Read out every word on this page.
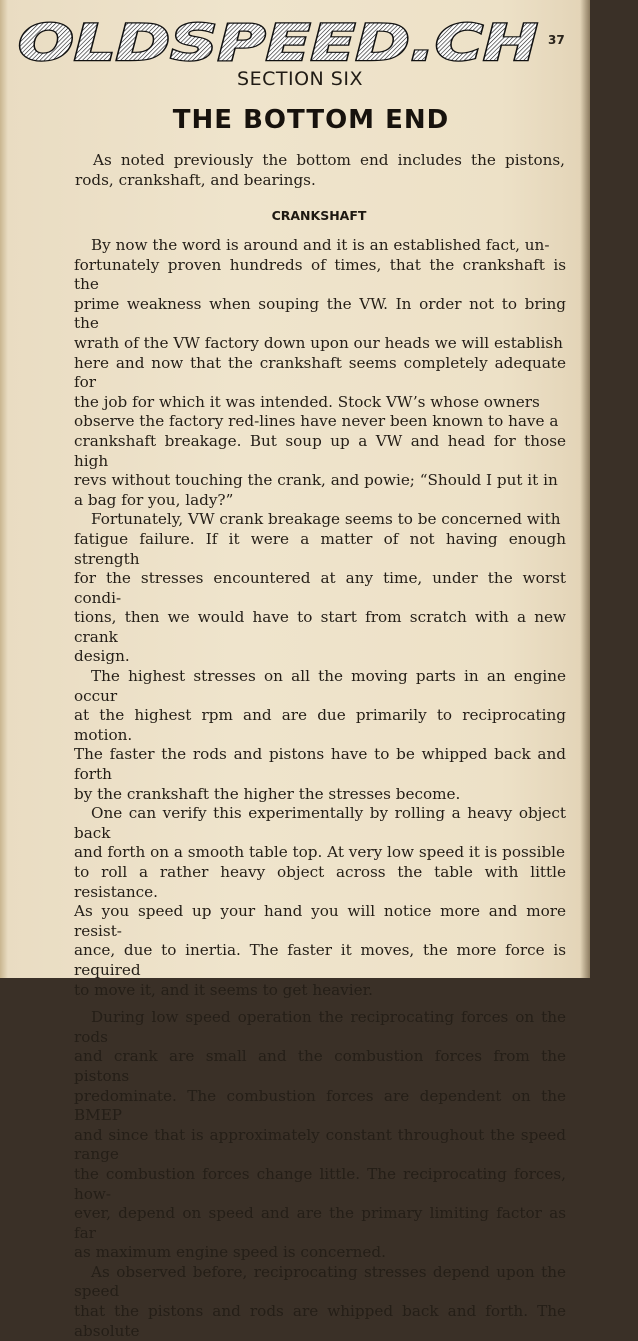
OLDSPEED.CH 37
SECTION SIX
THE BOTTOM END

As noted previously the bottom end includes the pistons, rods, crankshaft, and bearings.

CRANKSHAFT

By now the word is around and it is an established fact, un-
fortunately proven hundreds of times, that the crankshaft is the
prime weakness when souping the VW. In order not to bring the
wrath of the VW factory down upon our heads we will establish
here and now that the crankshaft seems completely adequate for
the job for which it was intended. Stock VW’s whose owners
observe the factory red-lines have never been known to have a
crankshaft breakage. But soup up a VW and head for those high
revs without touching the crank, and powie; “Should I put it in
a bag for you, lady?”

Fortunately, VW crank breakage seems to be concerned with
fatigue failure. If it were a matter of not having enough strength
for the stresses encountered at any time, under the worst condi-
tions, then we would have to start from scratch with a new crank
design.

The highest stresses on all the moving parts in an engine occur
at the highest rpm and are due primarily to reciprocating motion.
The faster the rods and pistons have to be whipped back and forth
by the crankshaft the higher the stresses become.

One can verify this experimentally by rolling a heavy object back
and forth on a smooth table top. At very low speed it is possible
to roll a rather heavy object across the table with little resistance.
As you speed up your hand you will notice more and more resist-
ance, due to inertia. The faster it moves, the more force is required
to move it, and it seems to get heavier.

During low speed operation the reciprocating forces on the rods
and crank are small and the combustion forces from the pistons
predominate. The combustion forces are dependent on the BMEP
and since that is approximately constant throughout the speed range
the combustion forces change little. The reciprocating forces, how-
ever, depend on speed and are the primary limiting factor as far
as maximum engine speed is concerned.

As observed before, reciprocating stresses depend upon the speed
that the pistons and rods are whipped back and forth. The absolute
